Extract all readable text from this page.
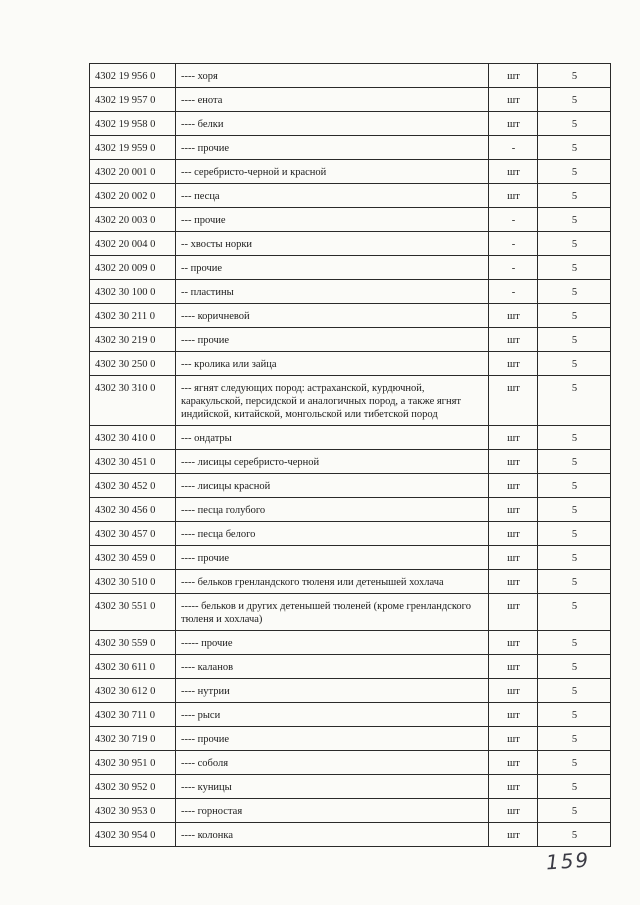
4302 19 956 0	---- хоря	шт	5
4302 19 957 0	---- енота	шт	5
4302 19 958 0	---- белки	шт	5
4302 19 959 0	---- прочие	-	5
4302 20 001 0	--- серебристо-черной и красной	шт	5
4302 20 002 0	--- песца	шт	5
4302 20 003 0	--- прочие	-	5
4302 20 004 0	-- хвосты норки	-	5
4302 20 009 0	-- прочие	-	5
4302 30 100 0	-- пластины	-	5
4302 30 211 0	---- коричневой	шт	5
4302 30 219 0	---- прочие	шт	5
4302 30 250 0	--- кролика или зайца	шт	5
4302 30 310 0	--- ягнят следующих пород: астраханской, курдючной, каракульской, персидской и аналогичных пород, а также ягнят индийской, китайской, монгольской или тибетской пород	шт	5
4302 30 410 0	--- ондатры	шт	5
4302 30 451 0	---- лисицы серебристо-черной	шт	5
4302 30 452 0	---- лисицы красной	шт	5
4302 30 456 0	---- песца голубого	шт	5
4302 30 457 0	---- песца белого	шт	5
4302 30 459 0	---- прочие	шт	5
4302 30 510 0	---- бельков гренландского тюленя или детенышей хохлача	шт	5
4302 30 551 0	----- бельков и других детенышей тюленей (кроме гренландского тюленя и хохлача)	шт	5
4302 30 559 0	----- прочие	шт	5
4302 30 611 0	---- каланов	шт	5
4302 30 612 0	---- нутрии	шт	5
4302 30 711 0	---- рыси	шт	5
4302 30 719 0	---- прочие	шт	5
4302 30 951 0	---- соболя	шт	5
4302 30 952 0	---- куницы	шт	5
4302 30 953 0	---- горностая	шт	5
4302 30 954 0	---- колонка	шт	5
159
